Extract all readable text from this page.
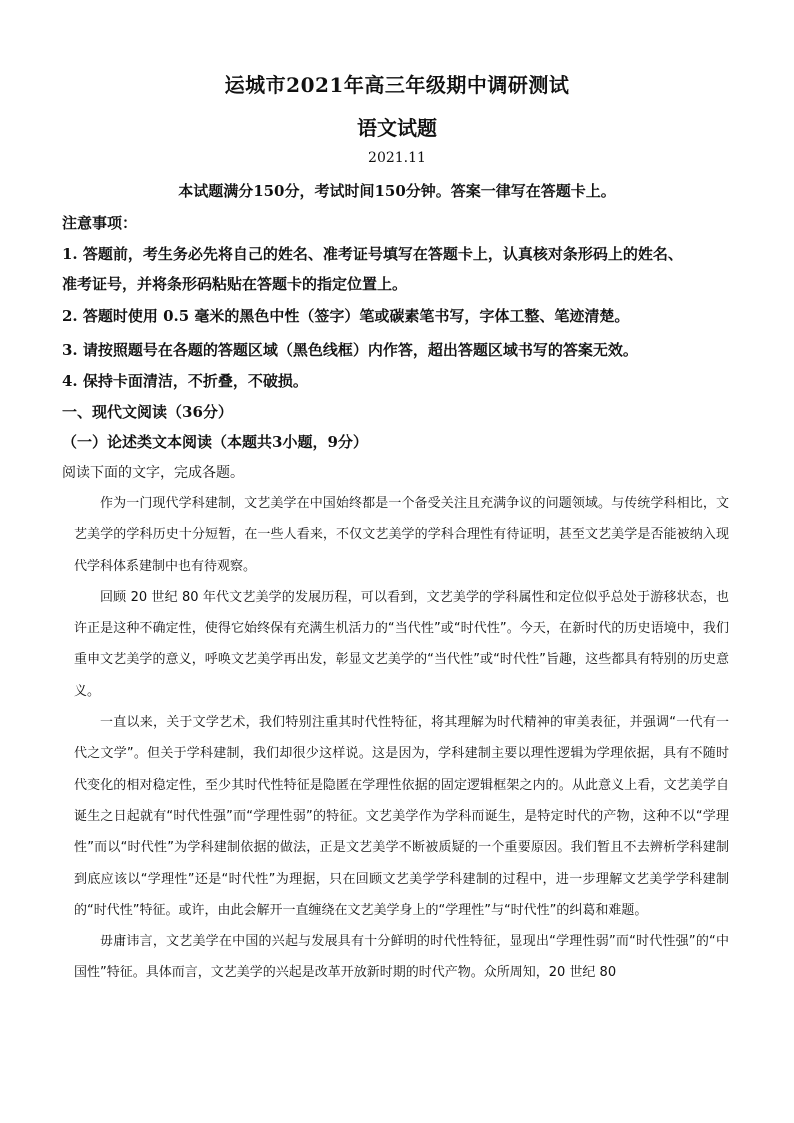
运城市2021年高三年级期中调研测试
语文试题
2021.11
本试题满分150分，考试时间150分钟。答案一律写在答题卡上。
注意事项：
1. 答题前，考生务必先将自己的姓名、准考证号填写在答题卡上，认真核对条形码上的姓名、
准考证号，并将条形码粘贴在答题卡的指定位置上。
2. 答题时使用 0.5 毫米的黑色中性（签字）笔或碳素笔书写，字体工整、笔迹清楚。
3. 请按照题号在各题的答题区域（黑色线框）内作答，超出答题区域书写的答案无效。
4. 保持卡面清洁，不折叠，不破损。
一、现代文阅读（36分）
（一）论述类文本阅读（本题共3小题，9分）
阅读下面的文字，完成各题。

作为一门现代学科建制，文艺美学在中国始终都是一个备受关注且充满争议的问题领域。与传统学科相比，文艺美学的学科历史十分短暂，在一些人看来，不仅文艺美学的学科合理性有待证明，甚至文艺美学是否能被纳入现代学科体系建制中也有待观察。

回顾 20 世纪 80 年代文艺美学的发展历程，可以看到，文艺美学的学科属性和定位似乎总处于游移状态，也许正是这种不确定性，使得它始终保有充满生机活力的“当代性”或“时代性”。今天，在新时代的历史语境中，我们重申文艺美学的意义，呼唤文艺美学再出发，彰显文艺美学的“当代性”或“时代性”旨趣，这些都具有特别的历史意义。

一直以来，关于文学艺术，我们特别注重其时代性特征，将其理解为时代精神的审美表征，并强调“一代有一代之文学”。但关于学科建制，我们却很少这样说。这是因为，学科建制主要以理性逻辑为学理依据，具有不随时代变化的相对稳定性，至少其时代性特征是隐匿在学理性依据的固定逻辑框架之内的。从此意义上看，文艺美学自诞生之日起就有“时代性强”而“学理性弱”的特征。文艺美学作为学科而诞生，是特定时代的产物，这种不以“学理性”而以“时代性”为学科建制依据的做法，正是文艺美学不断被质疑的一个重要原因。我们暂且不去辨析学科建制到底应该以“学理性”还是“时代性”为理据，只在回顾文艺美学学科建制的过程中，进一步理解文艺美学学科建制的“时代性”特征。或许，由此会解开一直缠绕在文艺美学身上的“学理性”与“时代性”的纠葛和难题。

毋庸讳言，文艺美学在中国的兴起与发展具有十分鲜明的时代性特征，显现出“学理性弱”而“时代性强”的“中国性”特征。具体而言，文艺美学的兴起是改革开放新时期的时代产物。众所周知，20 世纪 80
